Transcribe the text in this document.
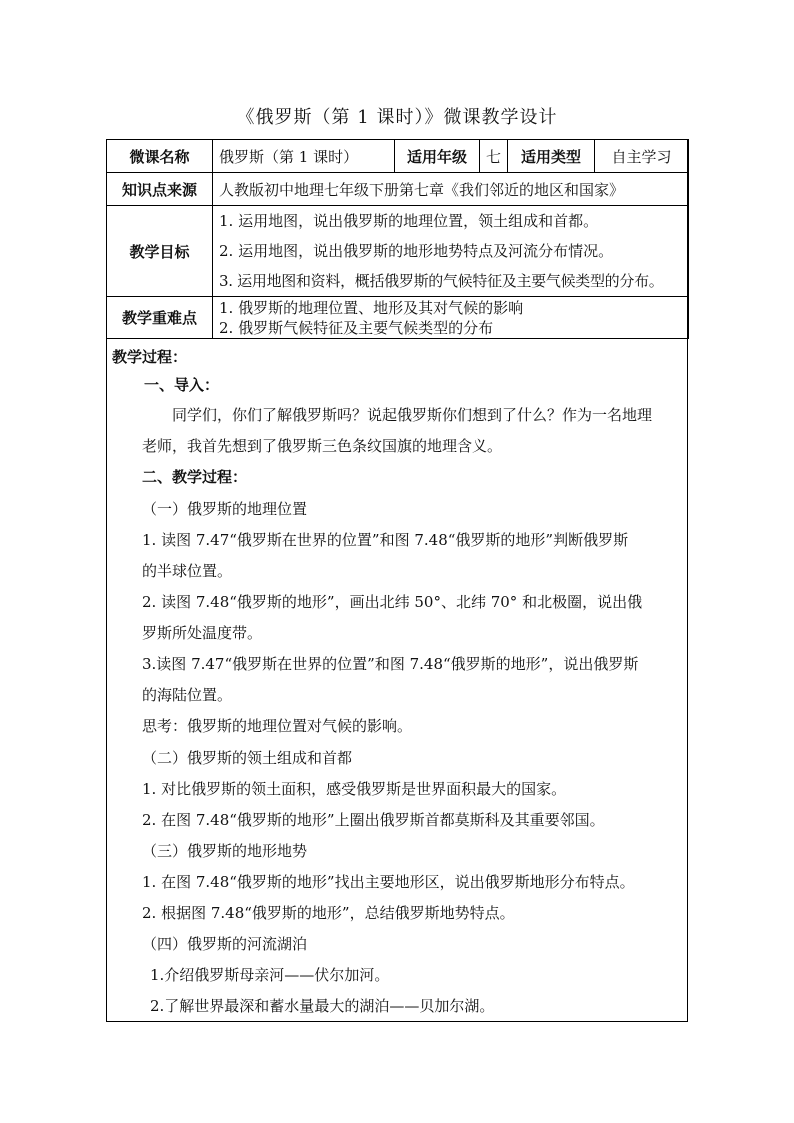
《俄罗斯（第 1 课时）》微课教学设计
微课名称	俄罗斯（第 1 课时）	适用年级	七	适用类型	自主学习
知识点来源	人教版初中地理七年级下册第七章《我们邻近的地区和国家》				
教学目标	1. 运用地图，说出俄罗斯的地理位置，领土组成和首都。
2. 运用地图，说出俄罗斯的地形地势特点及河流分布情况。
3. 运用地图和资料，概括俄罗斯的气候特征及主要气候类型的分布。				

教学重难点	1. 俄罗斯的地理位置、地形及其对气候的影响
2. 俄罗斯气候特征及主要气候类型的分布				
教学过程：
一、导入：
同学们，你们了解俄罗斯吗？说起俄罗斯你们想到了什么？作为一名地理
老师，我首先想到了俄罗斯三色条纹国旗的地理含义。
二、教学过程：
（一）俄罗斯的地理位置
1. 读图 7.47“俄罗斯在世界的位置”和图 7.48“俄罗斯的地形”判断俄罗斯
的半球位置。
2. 读图 7.48“俄罗斯的地形”，画出北纬 50°、北纬 70° 和北极圈，说出俄
罗斯所处温度带。
3.读图 7.47“俄罗斯在世界的位置”和图 7.48“俄罗斯的地形”，说出俄罗斯
的海陆位置。
思考：俄罗斯的地理位置对气候的影响。
（二）俄罗斯的领土组成和首都
1. 对比俄罗斯的领土面积，感受俄罗斯是世界面积最大的国家。
2. 在图 7.48“俄罗斯的地形”上圈出俄罗斯首都莫斯科及其重要邻国。
（三）俄罗斯的地形地势
1. 在图 7.48“俄罗斯的地形”找出主要地形区，说出俄罗斯地形分布特点。
2. 根据图 7.48“俄罗斯的地形”，总结俄罗斯地势特点。
（四）俄罗斯的河流湖泊
1.介绍俄罗斯母亲河——伏尔加河。
2.了解世界最深和蓄水量最大的湖泊——贝加尔湖。
